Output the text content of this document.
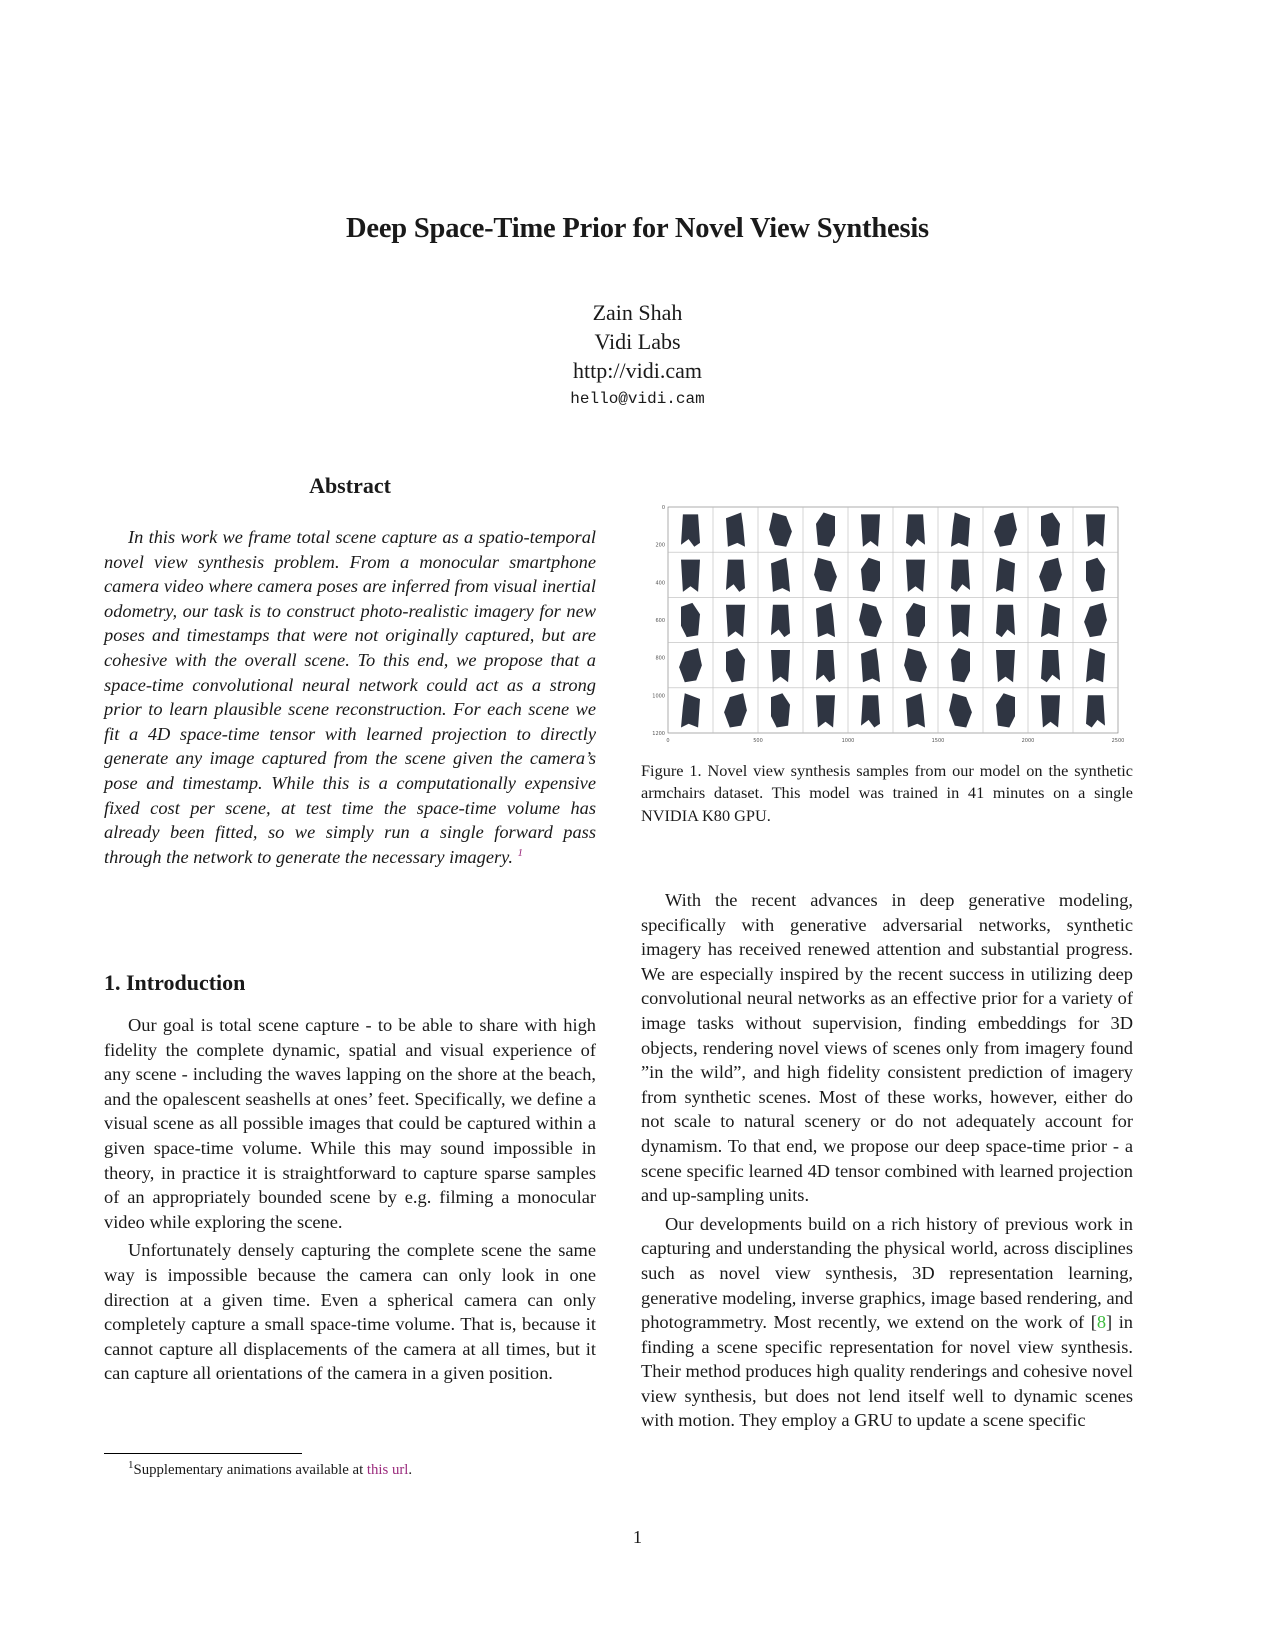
Deep Space-Time Prior for Novel View Synthesis
Zain Shah
Vidi Labs
http://vidi.cam
hello@vidi.cam
Abstract

In this work we frame total scene capture as a spatio-temporal novel view synthesis problem. From a monocular smartphone camera video where camera poses are inferred from visual inertial odometry, our task is to construct photo-realistic imagery for new poses and timestamps that were not originally captured, but are cohesive with the overall scene. To this end, we propose that a space-time convolutional neural network could act as a strong prior to learn plausible scene reconstruction. For each scene we fit a 4D space-time tensor with learned projection to directly generate any image captured from the scene given the camera’s pose and timestamp. While this is a computationally expensive fixed cost per scene, at test time the space-time volume has already been fitted, so we simply run a single forward pass through the network to generate the necessary imagery. $^1$

1. Introduction

Our goal is total scene capture - to be able to share with high fidelity the complete dynamic, spatial and visual experience of any scene - including the waves lapping on the shore at the beach, and the opalescent seashells at ones’ feet. Specifically, we define a visual scene as all possible images that could be captured within a given space-time volume. While this may sound impossible in theory, in practice it is straightforward to capture sparse samples of an appropriately bounded scene by e.g. filming a monocular video while exploring the scene.

Unfortunately densely capturing the complete scene the same way is impossible because the camera can only look in one direction at a given time. Even a spherical camera can only completely capture a small space-time volume. That is, because it cannot capture all displacements of the camera at all times, but it can capture all orientations of the camera in a given position.

$^1$Supplementary animations available at this url.
0	500	1000	1500	2000	2500
0
200
400
600
800
1000
1200
Figure 1. Novel view synthesis samples from our model on the synthetic armchairs dataset. This model was trained in 41 minutes on a single NVIDIA K80 GPU.

With the recent advances in deep generative modeling, specifically with generative adversarial networks, synthetic imagery has received renewed attention and substantial progress. We are especially inspired by the recent success in utilizing deep convolutional neural networks as an effective prior for a variety of image tasks without supervision, finding embeddings for 3D objects, rendering novel views of scenes only from imagery found ”in the wild”, and high fidelity consistent prediction of imagery from synthetic scenes. Most of these works, however, either do not scale to natural scenery or do not adequately account for dynamism. To that end, we propose our deep space-time prior - a scene specific learned 4D tensor combined with learned projection and up-sampling units.

Our developments build on a rich history of previous work in capturing and understanding the physical world, across disciplines such as novel view synthesis, 3D representation learning, generative modeling, inverse graphics, image based rendering, and photogrammetry. Most recently, we extend on the work of [8] in finding a scene specific representation for novel view synthesis. Their method produces high quality renderings and cohesive novel view synthesis, but does not lend itself well to dynamic scenes with motion. They employ a GRU to update a scene specific

1
